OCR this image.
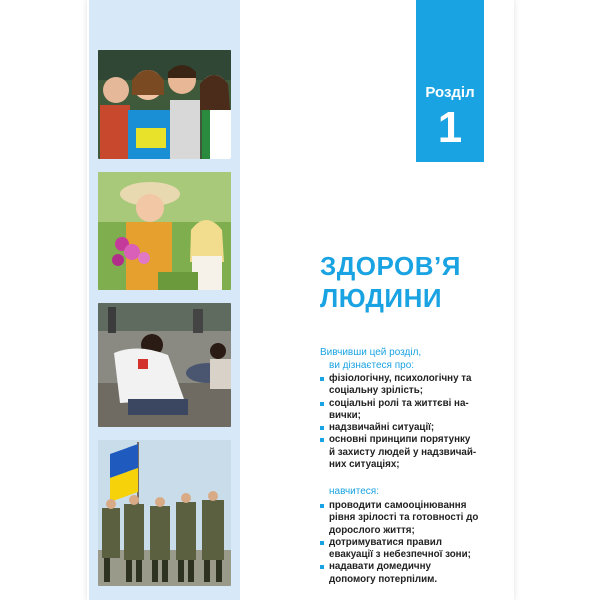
Розділ
1
ЗДОРОВ’Я
ЛЮДИНИ
Вивчивши цей розділ,
ви дізнаєтеся про:
фізіологічну, психологічну та
соціальну зрілість;
соціальні ролі та життєві на-
вички;
надзвичайні ситуації;
основні принципи порятунку
й захисту людей у надзвичай-
них ситуаціях;
навчитеся:
проводити самооцінювання
рівня зрілості та готовності до
дорослого життя;
дотримуватися правил
евакуації з небезпечної зони;
надавати домедичну
допомогу потерпілим.
